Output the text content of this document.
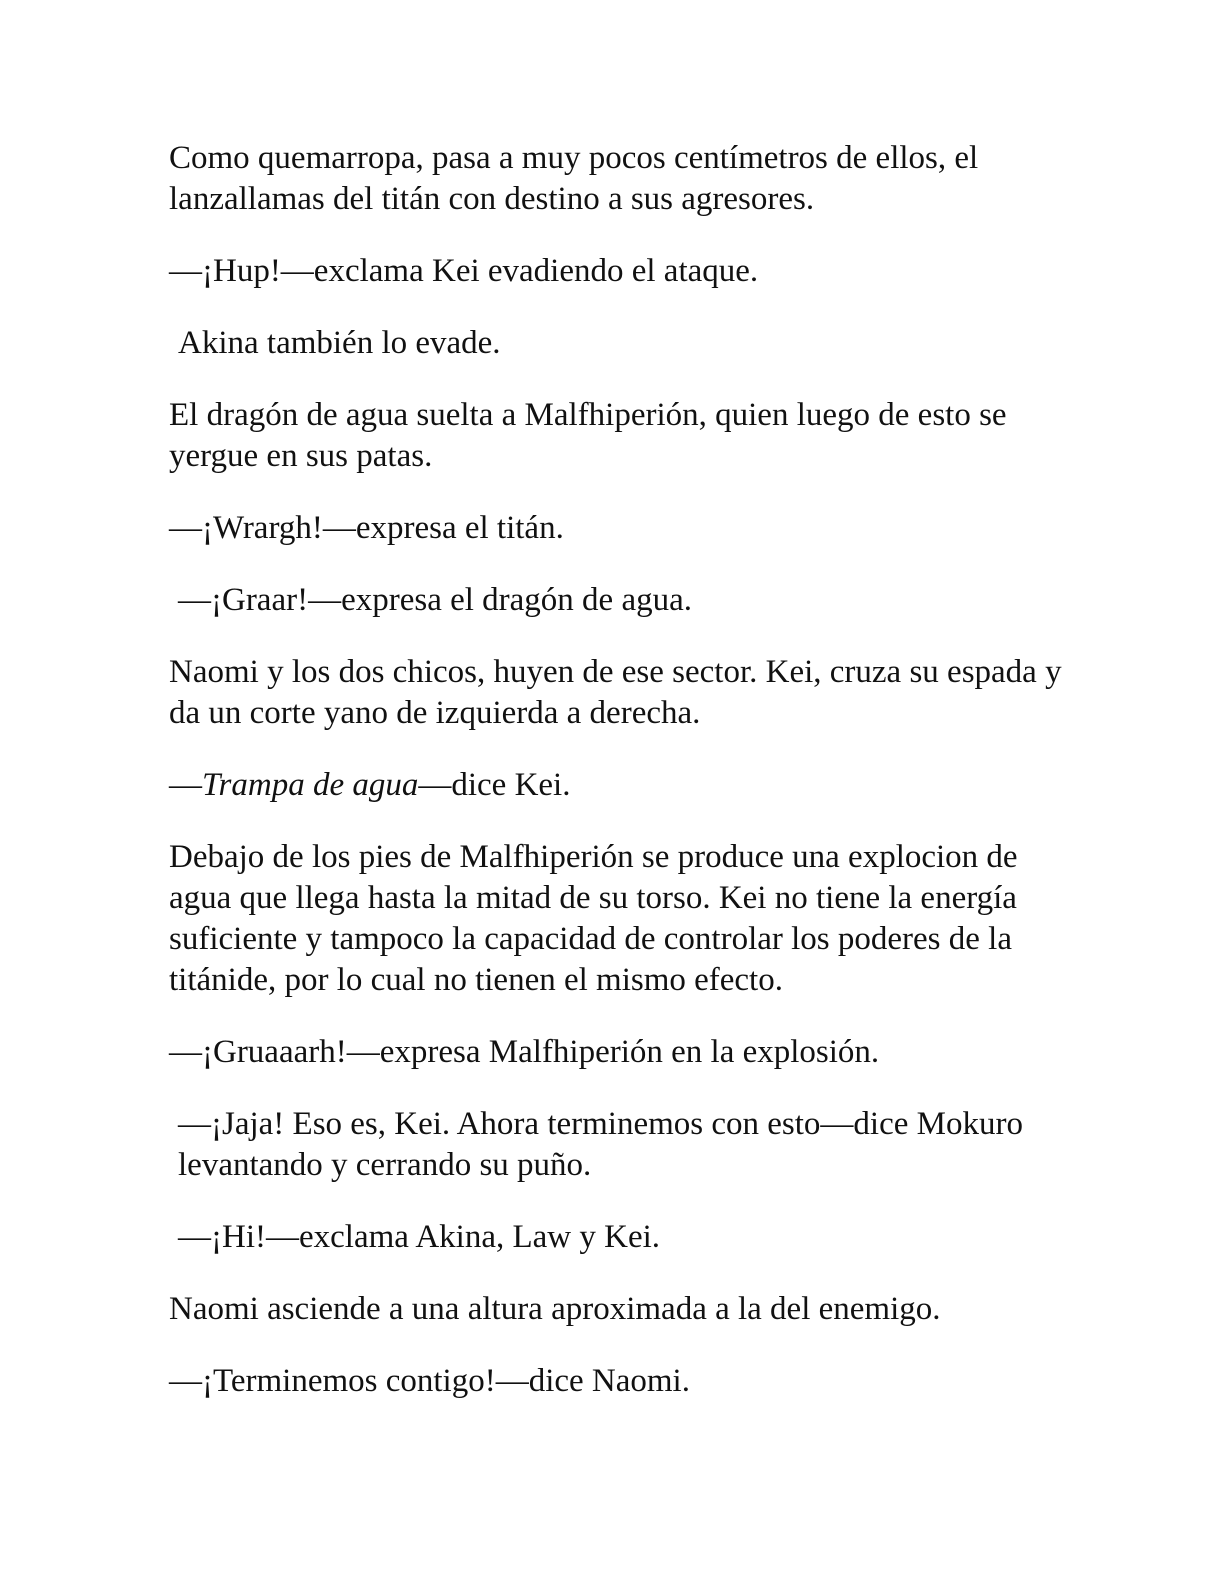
Como quemarropa, pasa a muy pocos centímetros de ellos, el lanzallamas del titán con destino a sus agresores.

—¡Hup!—exclama Kei evadiendo el ataque.

Akina también lo evade.

El dragón de agua suelta a Malfhiperión, quien luego de esto se yergue en sus patas.

—¡Wrargh!—expresa el titán.

—¡Graar!—expresa el dragón de agua.

Naomi y los dos chicos, huyen de ese sector. Kei, cruza su espada y da un corte yano de izquierda a derecha.

—Trampa de agua—dice Kei.

Debajo de los pies de Malfhiperión se produce una explocion de agua que llega hasta la mitad de su torso. Kei no tiene la energía suficiente y tampoco la capacidad de controlar los poderes de la titánide, por lo cual no tienen el mismo efecto.

—¡Gruaaarh!—expresa Malfhiperión en la explosión.

—¡Jaja! Eso es, Kei. Ahora terminemos con esto—dice Mokuro levantando y cerrando su puño.

—¡Hi!—exclama Akina, Law y Kei.

Naomi asciende a una altura aproximada a la del enemigo.

—¡Terminemos contigo!—dice Naomi.
